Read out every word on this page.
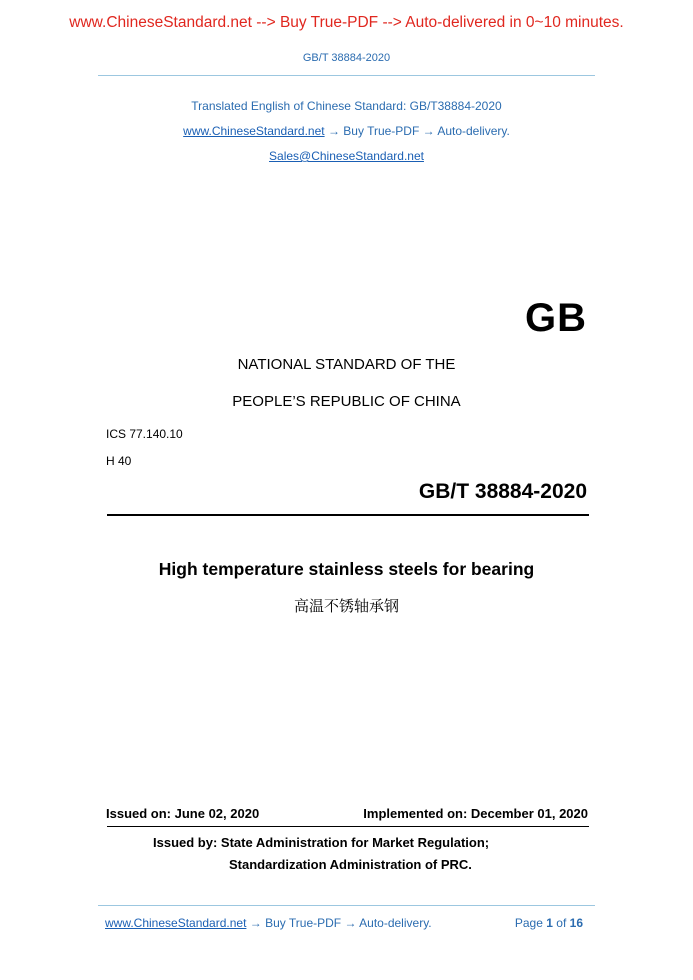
www.ChineseStandard.net --> Buy True-PDF --> Auto-delivered in 0~10 minutes.
GB/T 38884-2020
Translated English of Chinese Standard: GB/T38884-2020
www.ChineseStandard.net → Buy True-PDF → Auto-delivery.
Sales@ChineseStandard.net
GB
NATIONAL STANDARD OF THE
PEOPLE’S REPUBLIC OF CHINA
ICS 77.140.10
H 40
GB/T 38884-2020
High temperature stainless steels for bearing
高温不锈轴承钢
Issued on: June 02, 2020	Implemented on: December 01, 2020
Issued by: State Administration for Market Regulation;
Standardization Administration of PRC.
www.ChineseStandard.net → Buy True-PDF → Auto-delivery.	Page 1 of 16
